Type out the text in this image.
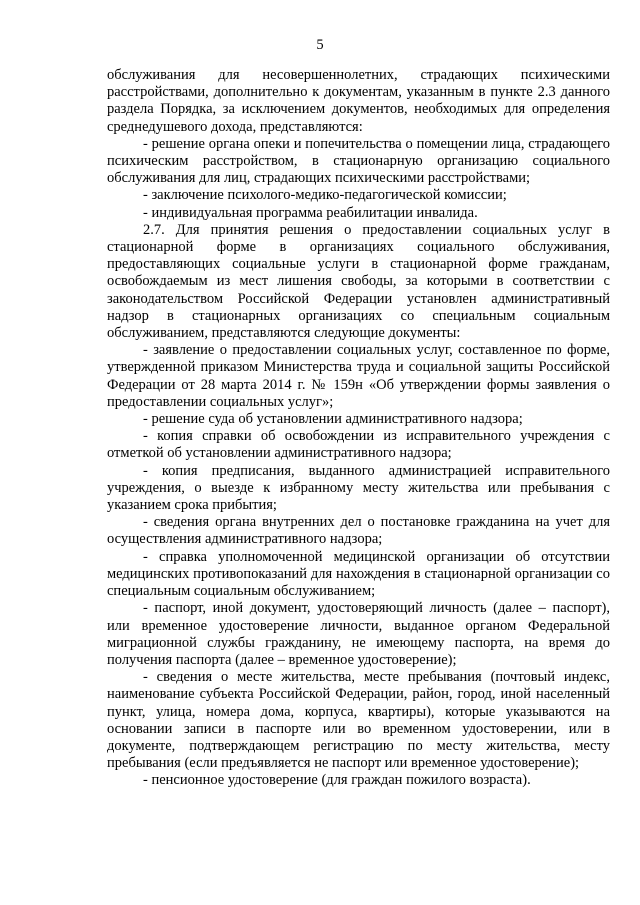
5

обслуживания для несовершеннолетних, страдающих психическими расстройствами, дополнительно к документам, указанным в пункте 2.3 данного раздела Порядка, за исключением документов, необходимых для определения среднедушевого дохода, представляются:

- решение органа опеки и попечительства о помещении лица, страдающего психическим расстройством, в стационарную организацию социального обслуживания для лиц, страдающих психическими расстройствами;

- заключение психолого-медико-педагогической комиссии;

- индивидуальная программа реабилитации инвалида.

2.7. Для принятия решения о предоставлении социальных услуг в стационарной форме в организациях социального обслуживания, предоставляющих социальные услуги в стационарной форме гражданам, освобождаемым из мест лишения свободы, за которыми в соответствии с законодательством Российской Федерации установлен административный надзор в стационарных организациях со специальным социальным обслуживанием, представляются следующие документы:

- заявление о предоставлении социальных услуг, составленное по форме, утвержденной приказом Министерства труда и социальной защиты Российской Федерации от 28 марта 2014 г. № 159н «Об утверждении формы заявления о предоставлении социальных услуг»;

- решение суда об установлении административного надзора;

- копия справки об освобождении из исправительного учреждения с отметкой об установлении административного надзора;

- копия предписания, выданного администрацией исправительного учреждения, о выезде к избранному месту жительства или пребывания с указанием срока прибытия;

- сведения органа внутренних дел о постановке гражданина на учет для осуществления административного надзора;

- справка уполномоченной медицинской организации об отсутствии медицинских противопоказаний для нахождения в стационарной организации со специальным социальным обслуживанием;

- паспорт, иной документ, удостоверяющий личность (далее – паспорт), или временное удостоверение личности, выданное органом Федеральной миграционной службы гражданину, не имеющему паспорта, на время до получения паспорта (далее – временное удостоверение);

- сведения о месте жительства, месте пребывания (почтовый индекс, наименование субъекта Российской Федерации, район, город, иной населенный пункт, улица, номера дома, корпуса, квартиры), которые указываются на основании записи в паспорте или во временном удостоверении, или в документе, подтверждающем регистрацию по месту жительства, месту пребывания (если предъявляется не паспорт или временное удостоверение);

- пенсионное удостоверение (для граждан пожилого возраста).
